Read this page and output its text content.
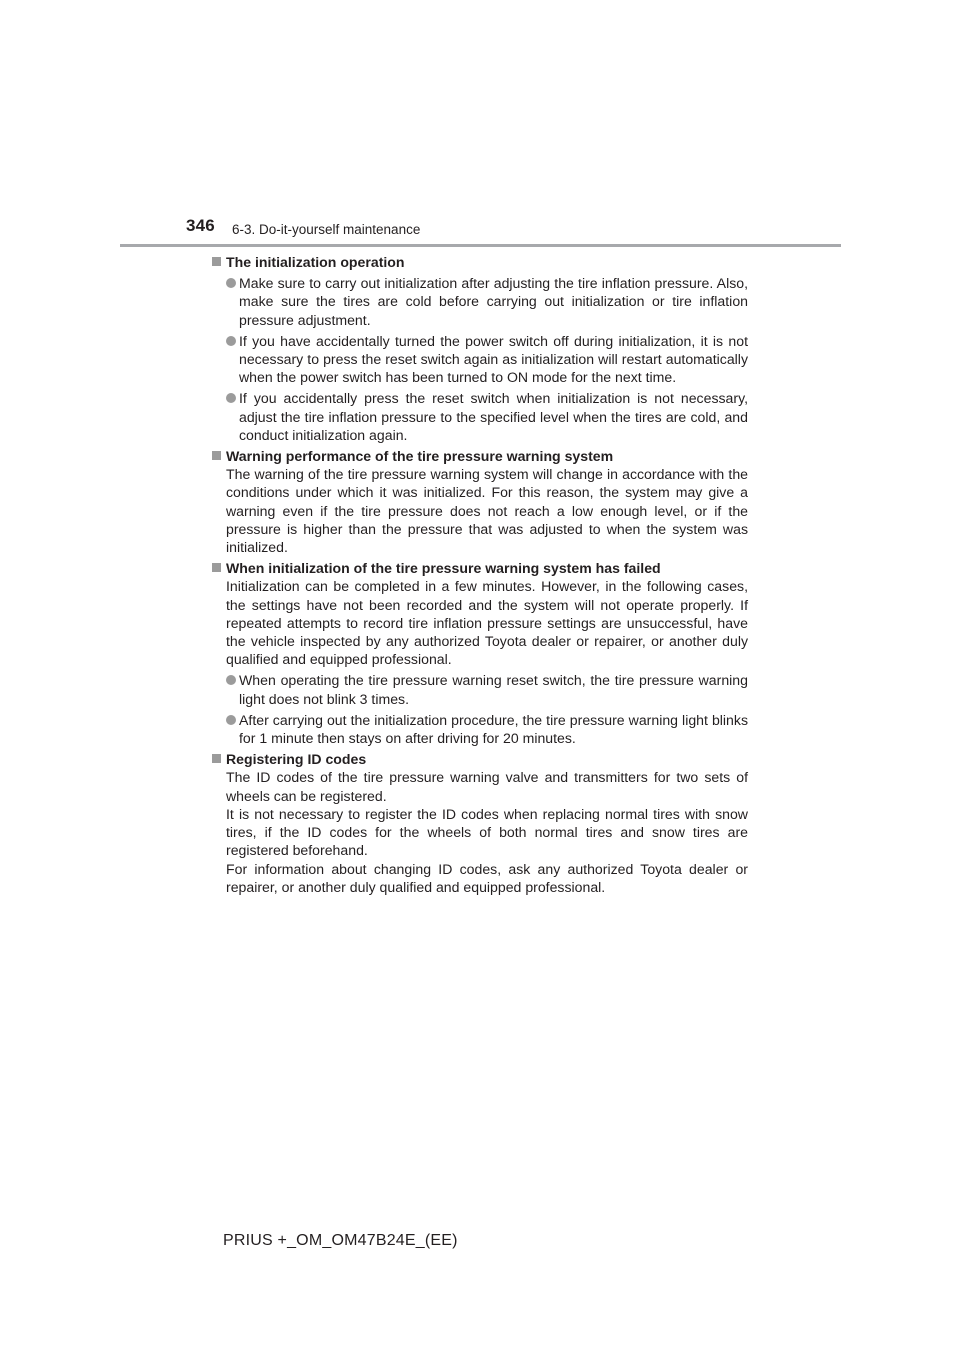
346 6-3. Do-it-yourself maintenance
The initialization operation
Make sure to carry out initialization after adjusting the tire inflation pressure. Also, make sure the tires are cold before carrying out initialization or tire inflation pressure adjustment.
If you have accidentally turned the power switch off during initialization, it is not necessary to press the reset switch again as initialization will restart automatically when the power switch has been turned to ON mode for the next time.
If you accidentally press the reset switch when initialization is not necessary, adjust the tire inflation pressure to the specified level when the tires are cold, and conduct initialization again.
Warning performance of the tire pressure warning system
The warning of the tire pressure warning system will change in accordance with the conditions under which it was initialized. For this reason, the system may give a warning even if the tire pressure does not reach a low enough level, or if the pressure is higher than the pressure that was adjusted to when the system was initialized.
When initialization of the tire pressure warning system has failed
Initialization can be completed in a few minutes. However, in the following cases, the settings have not been recorded and the system will not operate properly. If repeated attempts to record tire inflation pressure settings are unsuccessful, have the vehicle inspected by any authorized Toyota dealer or repairer, or another duly qualified and equipped professional.
When operating the tire pressure warning reset switch, the tire pressure warning light does not blink 3 times.
After carrying out the initialization procedure, the tire pressure warning light blinks for 1 minute then stays on after driving for 20 minutes.
Registering ID codes
The ID codes of the tire pressure warning valve and transmitters for two sets of wheels can be registered.
It is not necessary to register the ID codes when replacing normal tires with snow tires, if the ID codes for the wheels of both normal tires and snow tires are registered beforehand.
For information about changing ID codes, ask any authorized Toyota dealer or repairer, or another duly qualified and equipped professional.
PRIUS +_OM_OM47B24E_(EE)
